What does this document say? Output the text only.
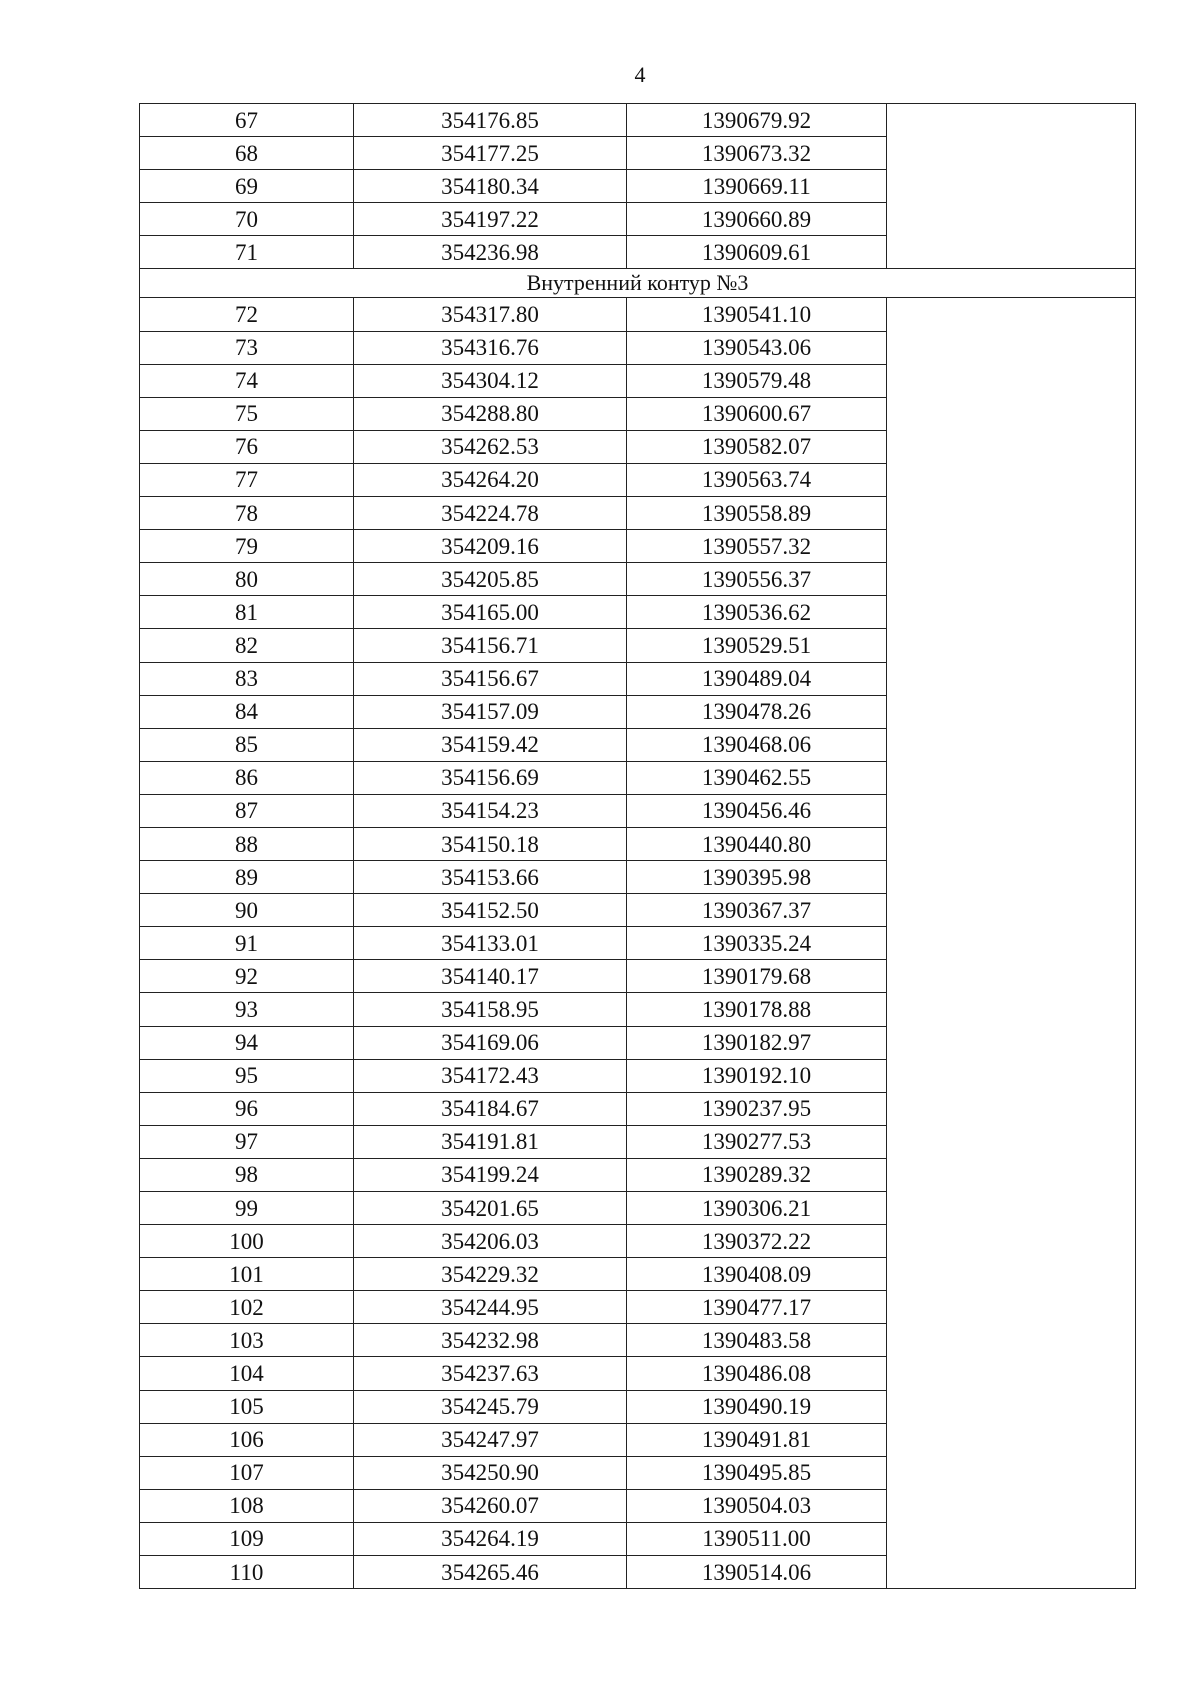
4
67	354176.85	1390679.92	
68	354177.25	1390673.32	
69	354180.34	1390669.11	
70	354197.22	1390660.89	
71	354236.98	1390609.61	
Внутренний контур №3			
72	354317.80	1390541.10	
73	354316.76	1390543.06	
74	354304.12	1390579.48	
75	354288.80	1390600.67	
76	354262.53	1390582.07	
77	354264.20	1390563.74	
78	354224.78	1390558.89	
79	354209.16	1390557.32	
80	354205.85	1390556.37	
81	354165.00	1390536.62	
82	354156.71	1390529.51	
83	354156.67	1390489.04	
84	354157.09	1390478.26	
85	354159.42	1390468.06	
86	354156.69	1390462.55	
87	354154.23	1390456.46	
88	354150.18	1390440.80	
89	354153.66	1390395.98	
90	354152.50	1390367.37	
91	354133.01	1390335.24	
92	354140.17	1390179.68	
93	354158.95	1390178.88	
94	354169.06	1390182.97	
95	354172.43	1390192.10	
96	354184.67	1390237.95	
97	354191.81	1390277.53	
98	354199.24	1390289.32	
99	354201.65	1390306.21	
100	354206.03	1390372.22	
101	354229.32	1390408.09	
102	354244.95	1390477.17	
103	354232.98	1390483.58	
104	354237.63	1390486.08	
105	354245.79	1390490.19	
106	354247.97	1390491.81	
107	354250.90	1390495.85	
108	354260.07	1390504.03	
109	354264.19	1390511.00	
110	354265.46	1390514.06	
